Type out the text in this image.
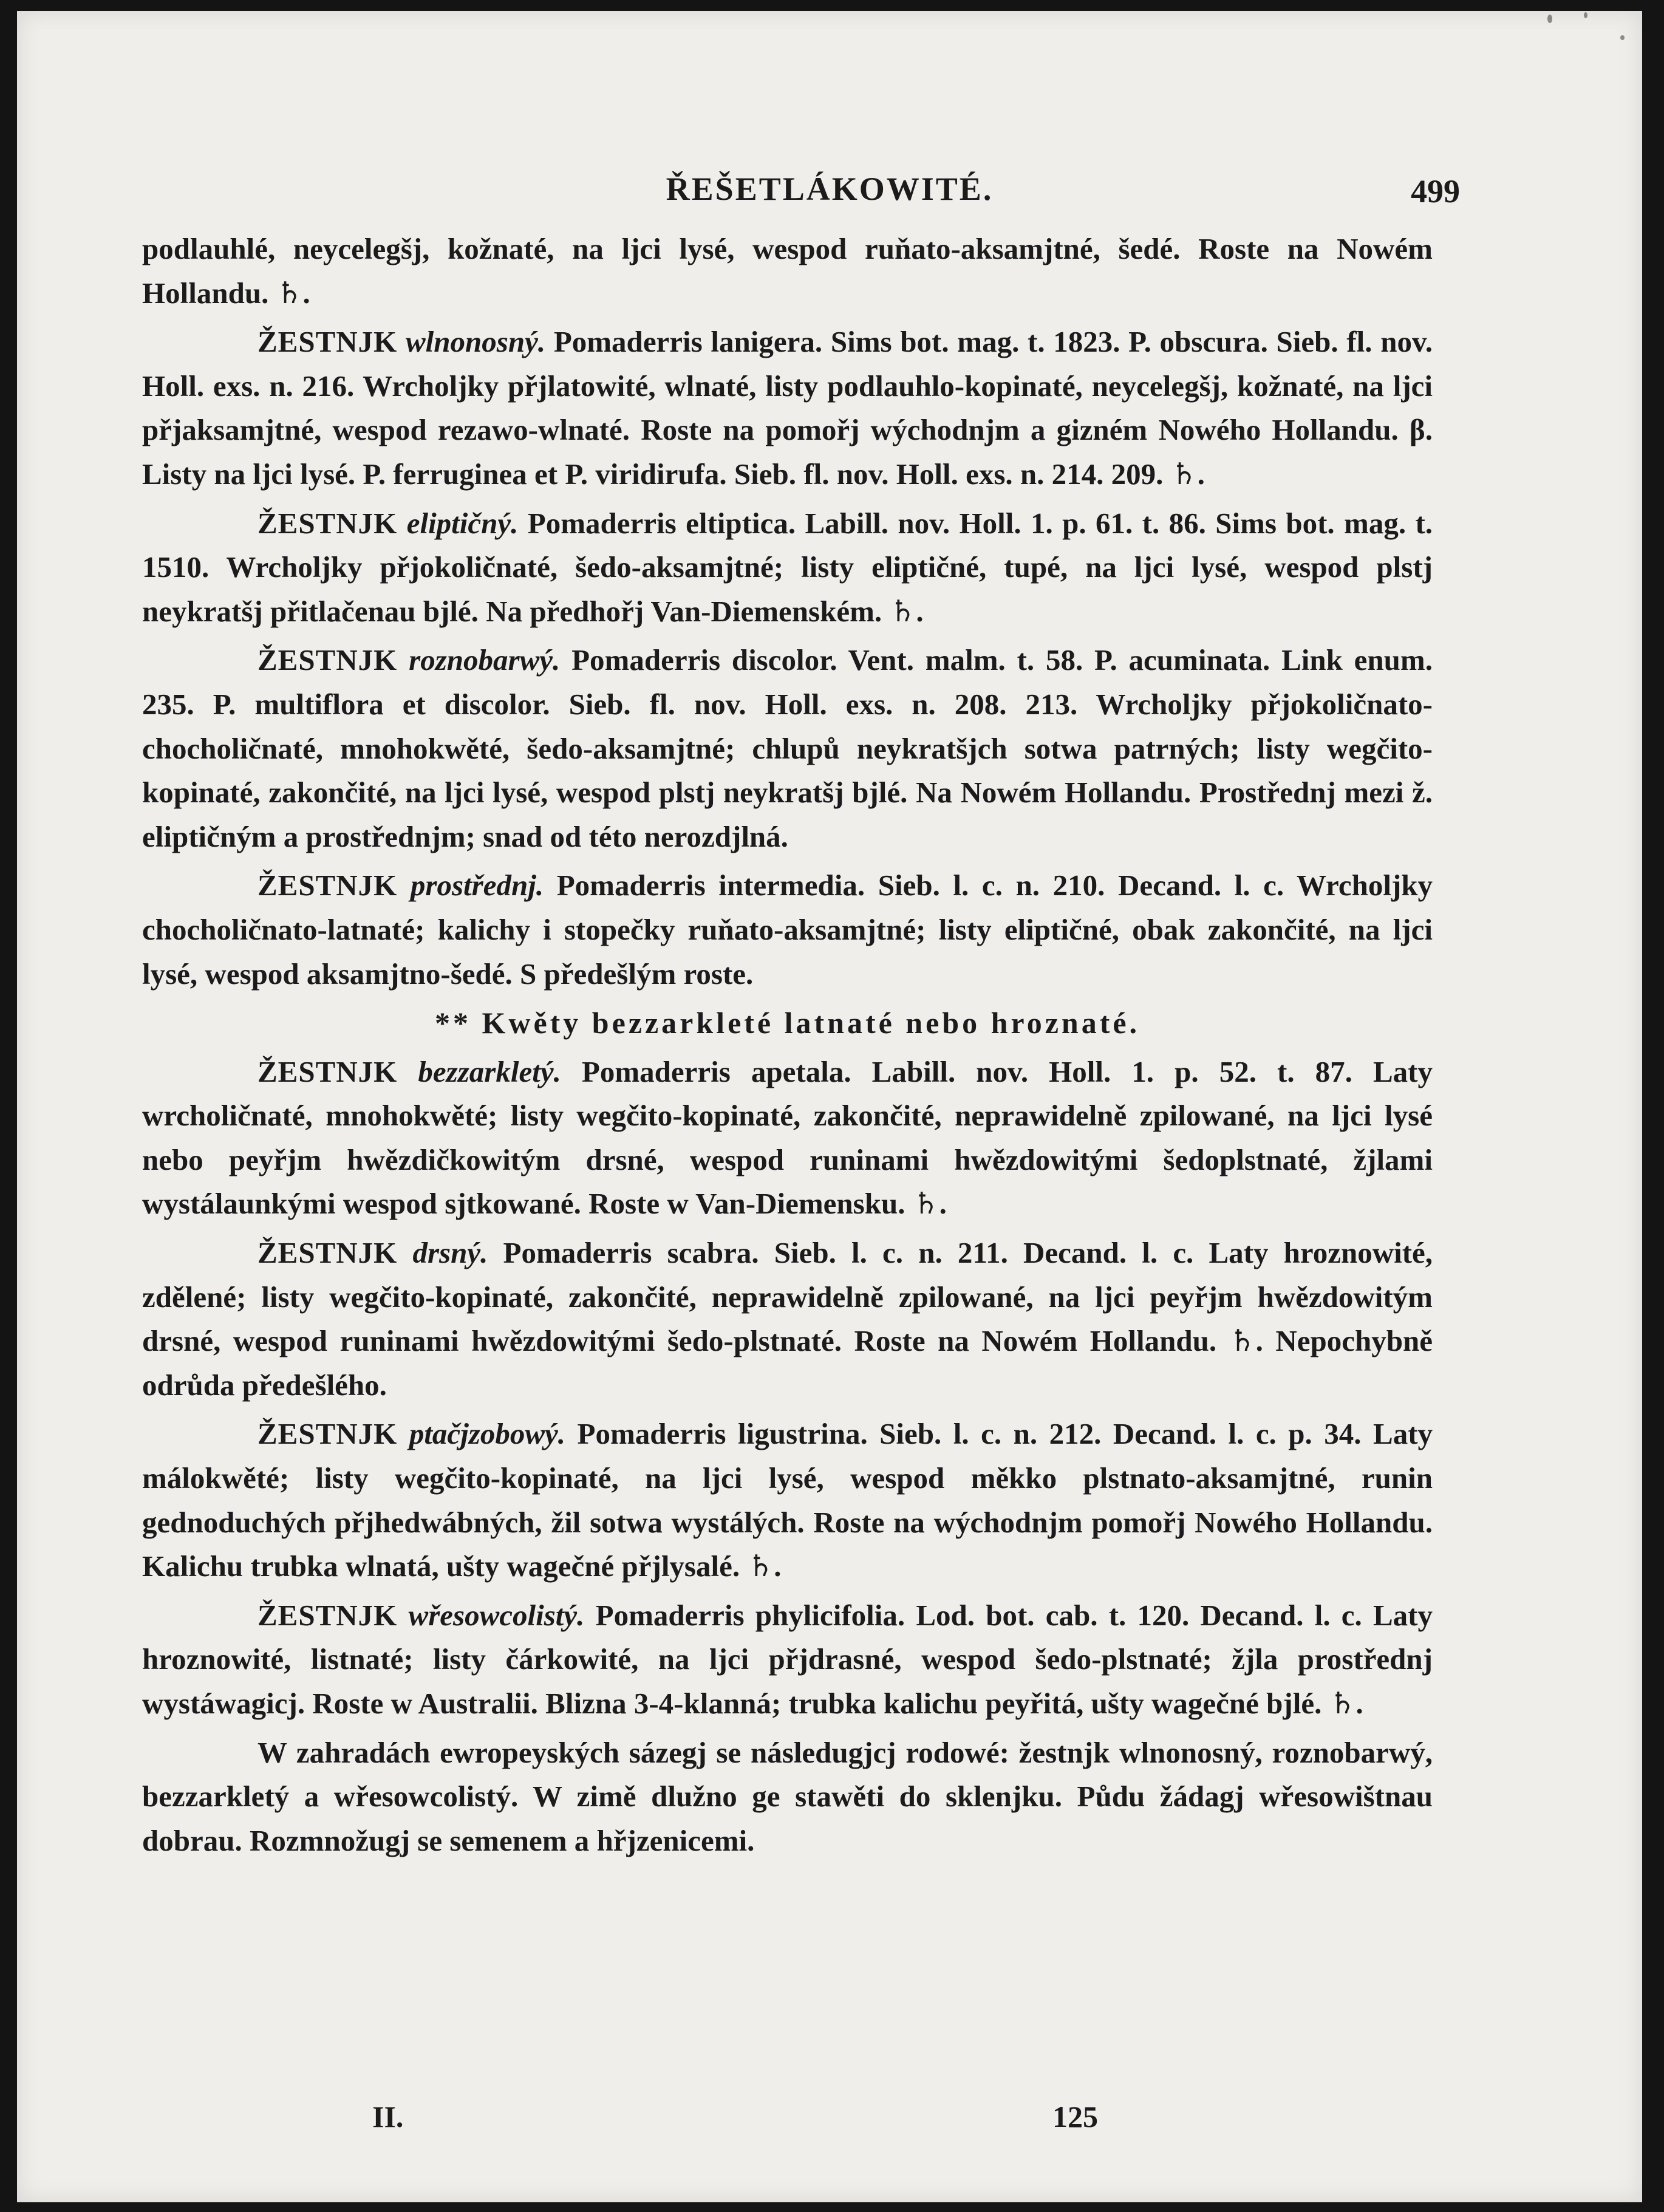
ŘEŠETLÁKOWITÉ.	499

podlauhlé, neycelegšj, kožnaté, na ljci lysé, wespod ruňato-aksamjtné, šedé. Roste na Nowém Hollandu. ♄.

ŽESTNJK wlnonosný. Pomaderris lanigera. Sims bot. mag. t. 1823. P. obscura. Sieb. fl. nov. Holl. exs. n. 216. Wrcholjky přjlatowité, wlnaté, listy podlauhlo-kopinaté, neycelegšj, kožnaté, na ljci přjaksamjtné, wespod rezawo-wlnaté. Roste na pomořj wýchodnjm a gizném Nowého Hollandu. β. Listy na ljci lysé. P. ferruginea et P. viridirufa. Sieb. fl. nov. Holl. exs. n. 214. 209. ♄.

ŽESTNJK eliptičný. Pomaderris eltiptica. Labill. nov. Holl. 1. p. 61. t. 86. Sims bot. mag. t. 1510. Wrcholjky přjokoličnaté, šedo-aksamjtné; listy eliptičné, tupé, na ljci lysé, wespod plstj neykratšj přitlačenau bjlé. Na předhořj Van-Diemenském. ♄.

ŽESTNJK roznobarwý. Pomaderris discolor. Vent. malm. t. 58. P. acuminata. Link enum. 235. P. multiflora et discolor. Sieb. fl. nov. Holl. exs. n. 208. 213. Wrcholjky přjokoličnato-chocholičnaté, mnohokwěté, šedo-aksamjtné; chlupů neykratšjch sotwa patrných; listy wegčito-kopinaté, zakončité, na ljci lysé, wespod plstj neykratšj bjlé. Na Nowém Hollandu. Prostřednj mezi ž. eliptičným a prostřednjm; snad od této nerozdjlná.

ŽESTNJK prostřednj. Pomaderris intermedia. Sieb. l. c. n. 210. Decand. l. c. Wrcholjky chocholičnato-latnaté; kalichy i stopečky ruňato-aksamjtné; listy eliptičné, obak zakončité, na ljci lysé, wespod aksamjtno-šedé. S předešlým roste.

** Kwěty bezzarkleté latnaté nebo hroznaté.

ŽESTNJK bezzarkletý. Pomaderris apetala. Labill. nov. Holl. 1. p. 52. t. 87. Laty wrcholičnaté, mnohokwěté; listy wegčito-kopinaté, zakončité, neprawidelně zpilowané, na ljci lysé nebo peyřjm hwězdičkowitým drsné, wespod runinami hwězdowitými šedoplstnaté, žjlami wystálaunkými wespod sjtkowané. Roste w Van-Diemensku. ♄.

ŽESTNJK drsný. Pomaderris scabra. Sieb. l. c. n. 211. Decand. l. c. Laty hroznowité, zdělené; listy wegčito-kopinaté, zakončité, neprawidelně zpilowané, na ljci peyřjm hwězdowitým drsné, wespod runinami hwězdowitými šedo-plstnaté. Roste na Nowém Hollandu. ♄. Nepochybně odrůda předešlého.

ŽESTNJK ptačjzobowý. Pomaderris ligustrina. Sieb. l. c. n. 212. Decand. l. c. p. 34. Laty málokwěté; listy wegčito-kopinaté, na ljci lysé, wespod měkko plstnato-aksamjtné, runin gednoduchých přjhedwábných, žil sotwa wystálých. Roste na wýchodnjm pomořj Nowého Hollandu. Kalichu trubka wlnatá, ušty wagečné přjlysalé. ♄.

ŽESTNJK wřesowcolistý. Pomaderris phylicifolia. Lod. bot. cab. t. 120. Decand. l. c. Laty hroznowité, listnaté; listy čárkowité, na ljci přjdrasné, wespod šedo-plstnaté; žjla prostřednj wystáwagicj. Roste w Australii. Blizna 3-4-klanná; trubka kalichu peyřitá, ušty wagečné bjlé. ♄.

W zahradách ewropeyských sázegj se následugjcj rodowé: žestnjk wlnonosný, roznobarwý, bezzarkletý a wřesowcolistý. W zimě dlužno ge stawěti do sklenjku. Půdu žádagj wřesowištnau dobrau. Rozmnožugj se semenem a hřjzenicemi.

II.	125
